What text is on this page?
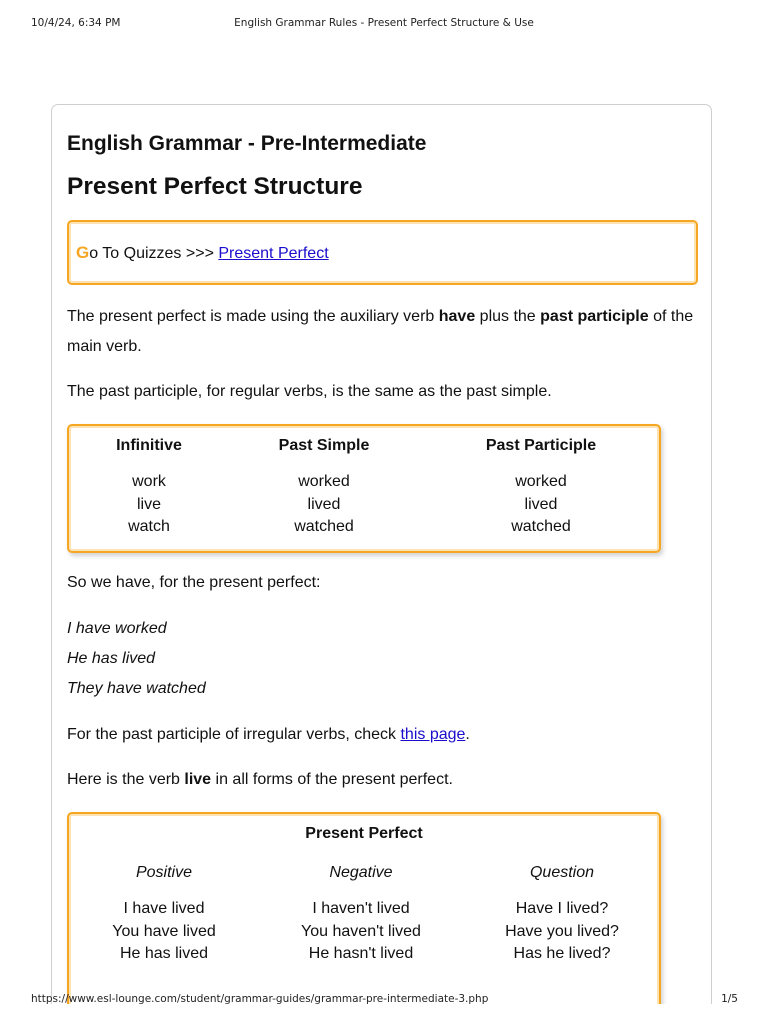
10/4/24, 6:34 PM	English Grammar Rules - Present Perfect Structure & Use
English Grammar - Pre-Intermediate
Present Perfect Structure
Go To Quizzes >>> Present Perfect

The present perfect is made using the auxiliary verb have plus the past participle of the main verb.

The past participle, for regular verbs, is the same as the past simple.

Infinitive
work
live
watch
Past Simple
worked
lived
watched
Past Participle
worked
lived
watched

So we have, for the present perfect:

I have worked

He has lived

They have watched

For the past participle of irregular verbs, check this page.

Here is the verb live in all forms of the present perfect.

Present Perfect
Positive
I have lived
You have lived
He has lived
Negative
I haven't lived
You haven't lived
He hasn't lived
Question
Have I lived?
Have you lived?
Has he lived?
https://www.esl-lounge.com/student/grammar-guides/grammar-pre-intermediate-3.php	1/5
